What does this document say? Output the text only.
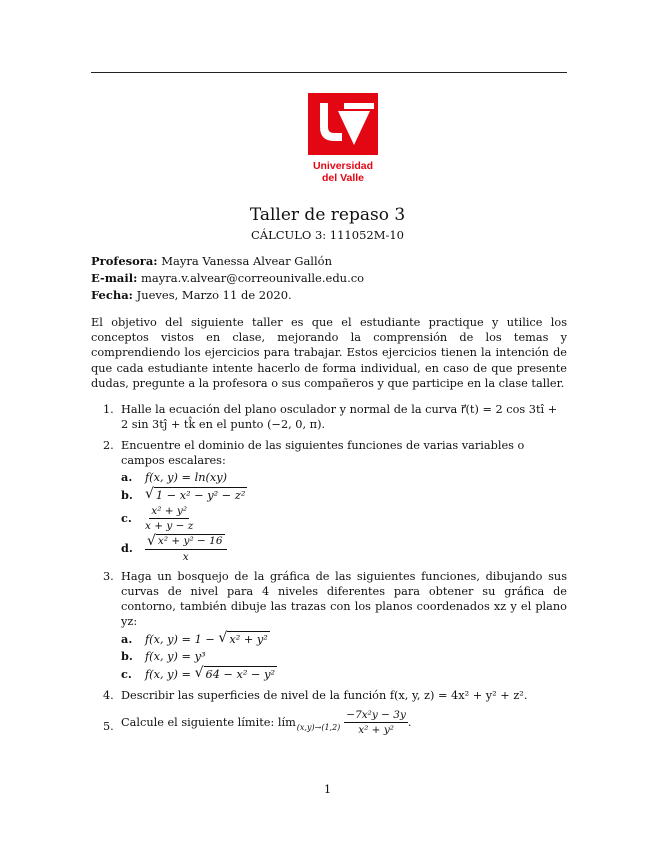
Universidad
del Valle
Taller de repaso 3
CÁLCULO 3: 111052M-10
Profesora: Mayra Vanessa Alvear Gallón
E-mail: mayra.v.alvear@correounivalle.edu.co
Fecha: Jueves, Marzo 11 de 2020.
El objetivo del siguiente taller es que el estudiante practique y utilice los conceptos vistos en clase, mejorando la comprensión de los temas y comprendiendo los ejercicios para trabajar. Estos ejercicios tienen la intención de que cada estudiante intente hacerlo de forma individual, en caso de que presente dudas, pregunte a la profesora o sus compañeros y que participe en la clase taller.
1. Halle la ecuación del plano osculador y normal de la curva r⃗(t) = 2 cos 3tî + 2 sin 3tĵ + tk̂ en el punto (−2, 0, π).
2. Encuentre el dominio de las siguientes funciones de varias variables o campos escalares:
a.	f(x, y) = ln(xy)
b. √ 1 − x² − y² − z²
c.	$\frac{\text{x² + y²}}{x + y - z}$
d. $\frac{\text{√ x² + y² − 16}}{x}$
3. Haga un bosquejo de la gráfica de las siguientes funciones, dibujando sus curvas de nivel para 4 niveles diferentes para obtener su gráfica de contorno, también dibuje las trazas con los planos coordenados xz y el plano yz:
a.	f(x, y) = 1 − √ x² + y²
b.	f(x, y) = y³
c.	f(x, y) = √ 64 − x² − y²
4. Describir las superficies de nivel de la función f(x, y, z) = 4x² + y² + z².
5. Calcule el siguiente límite: lím $(x,y)\to(1,2) \frac{\text{−7x²y − 3y}}{\text{x² + y²}}$ .
1
